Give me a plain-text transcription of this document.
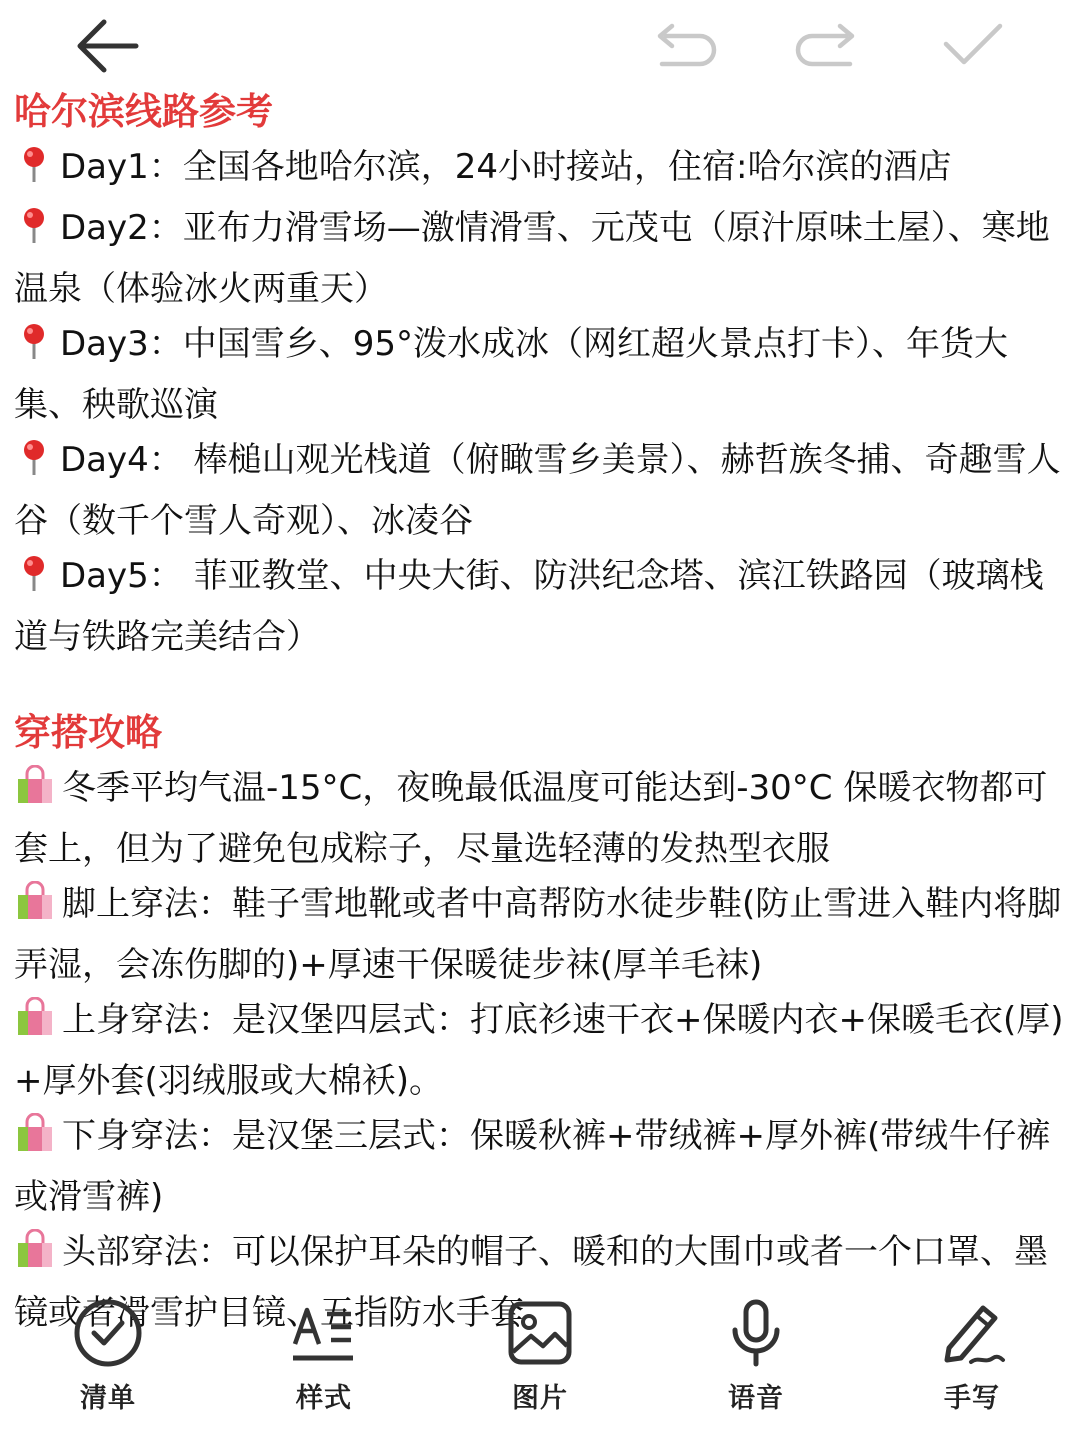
哈尔滨线路参考
Day1：全国各地哈尔滨，24小时接站，住宿:哈尔滨的酒店
Day2：亚布力滑雪场—激情滑雪、元茂屯（原汁原味土屋）、寒地温泉（体验冰火两重天）
Day3：中国雪乡、95°泼水成冰（网红超火景点打卡）、年货大集、秧歌巡演
Day4： 棒槌山观光栈道（俯瞰雪乡美景）、赫哲族冬捕、奇趣雪人谷（数千个雪人奇观）、冰凌谷
Day5： 菲亚教堂、中央大街、防洪纪念塔、滨江铁路园（玻璃栈道与铁路完美结合）
穿搭攻略
冬季平均气温-15°C，夜晚最低温度可能达到-30°C 保暖衣物都可套上，但为了避免包成粽子，尽量选轻薄的发热型衣服
脚上穿法：鞋子雪地靴或者中高帮防水徒步鞋(防止雪进入鞋内将脚弄湿，会冻伤脚的)+厚速干保暖徒步袜(厚羊毛袜)
上身穿法：是汉堡四层式：打底衫速干衣+保暖内衣+保暖毛衣(厚)+厚外套(羽绒服或大棉袄)。
下身穿法：是汉堡三层式：保暖秋裤+带绒裤+厚外裤(带绒牛仔裤或滑雪裤)
头部穿法：可以保护耳朵的帽子、暖和的大围巾或者一个口罩、墨镜或者滑雪护目镜、五指防水手套
清单	样式	图片	语音	手写
